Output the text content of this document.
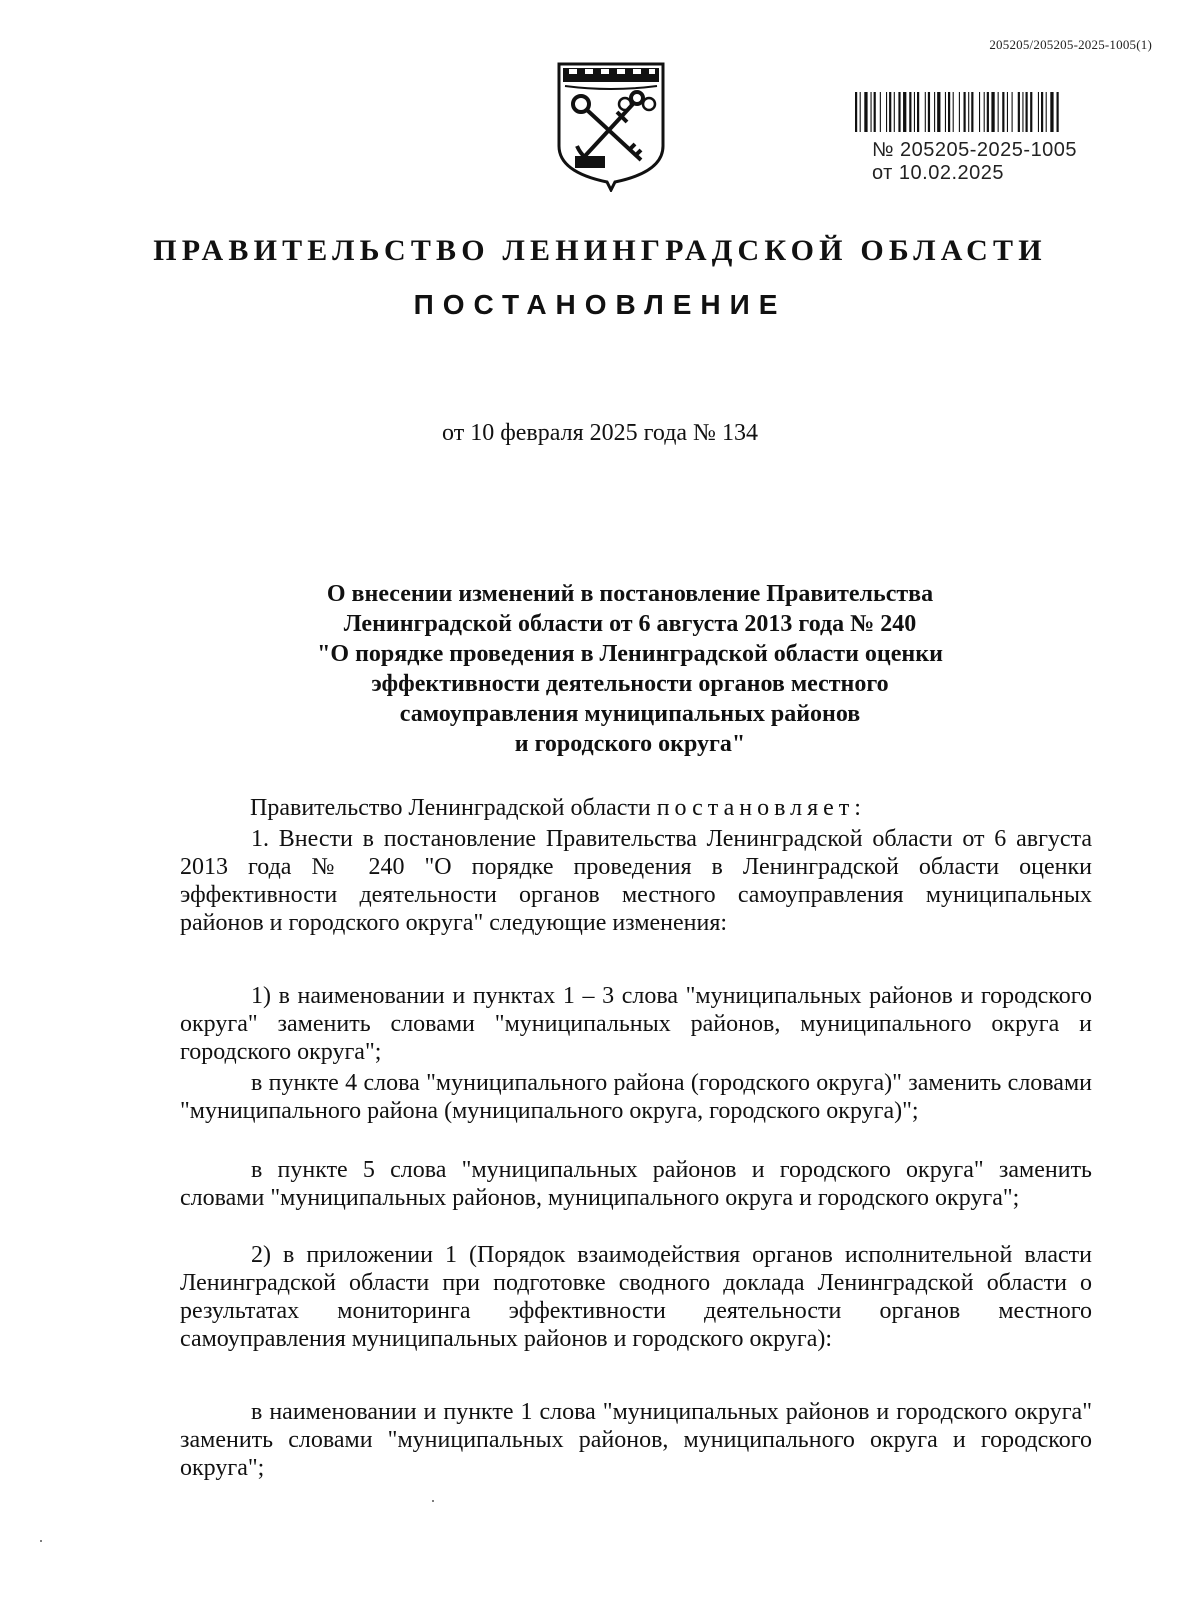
205205/205205-2025-1005(1)
№ 205205-2025-1005
от 10.02.2025
ПРАВИТЕЛЬСТВО ЛЕНИНГРАДСКОЙ ОБЛАСТИ
ПОСТАНОВЛЕНИЕ
от 10 февраля 2025 года № 134
О внесении изменений в постановление Правительства
Ленинградской области от 6 августа 2013 года № 240
"О порядке проведения в Ленинградской области оценки
эффективности деятельности органов местного
самоуправления муниципальных районов
и городского округа"
Правительство Ленинградской области постановляет:
1. Внести в постановление Правительства Ленинградской области от 6 августа 2013 года № 240 "О порядке проведения в Ленинградской области оценки эффективности деятельности органов местного самоуправления муниципальных районов и городского округа" следующие изменения:
1) в наименовании и пунктах 1 – 3 слова "муниципальных районов и городского округа" заменить словами "муниципальных районов, муниципального округа и городского округа";
в пункте 4 слова "муниципального района (городского округа)" заменить словами "муниципального района (муниципального округа, городского округа)";
в пункте 5 слова "муниципальных районов и городского округа" заменить словами "муниципальных районов, муниципального округа и городского округа";
2) в приложении 1 (Порядок взаимодействия органов исполнительной власти Ленинградской области при подготовке сводного доклада Ленинградской области о результатах мониторинга эффективности деятельности органов местного самоуправления муниципальных районов и городского округа):
в наименовании и пункте 1 слова "муниципальных районов и городского округа" заменить словами "муниципальных районов, муниципального округа и городского округа";
